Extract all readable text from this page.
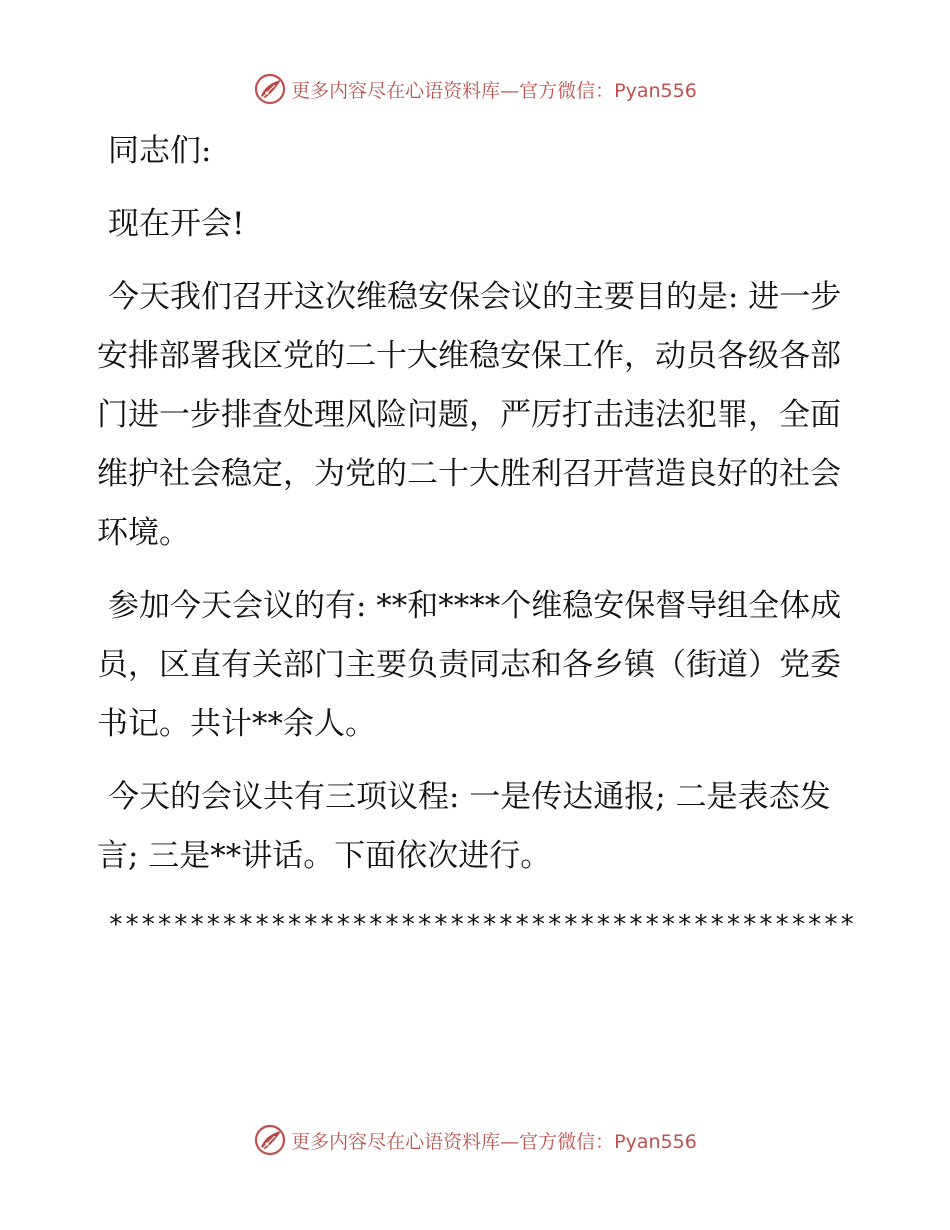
更多内容尽在心语资料库—官方微信：Pyan556

同志们:

现在开会!

今天我们召开这次维稳安保会议的主要目的是: 进一步安排部署我区党的二十大维稳安保工作，动员各级各部门进一步排查处理风险问题，严厉打击违法犯罪，全面维护社会稳定，为党的二十大胜利召开营造良好的社会环境。

参加今天会议的有: **和****个维稳安保督导组全体成员，区直有关部门主要负责同志和各乡镇（街道）党委书记。共计**余人。

今天的会议共有三项议程: 一是传达通报; 二是表态发言; 三是**讲话。下面依次进行。

**********************************************
更多内容尽在心语资料库—官方微信：Pyan556
